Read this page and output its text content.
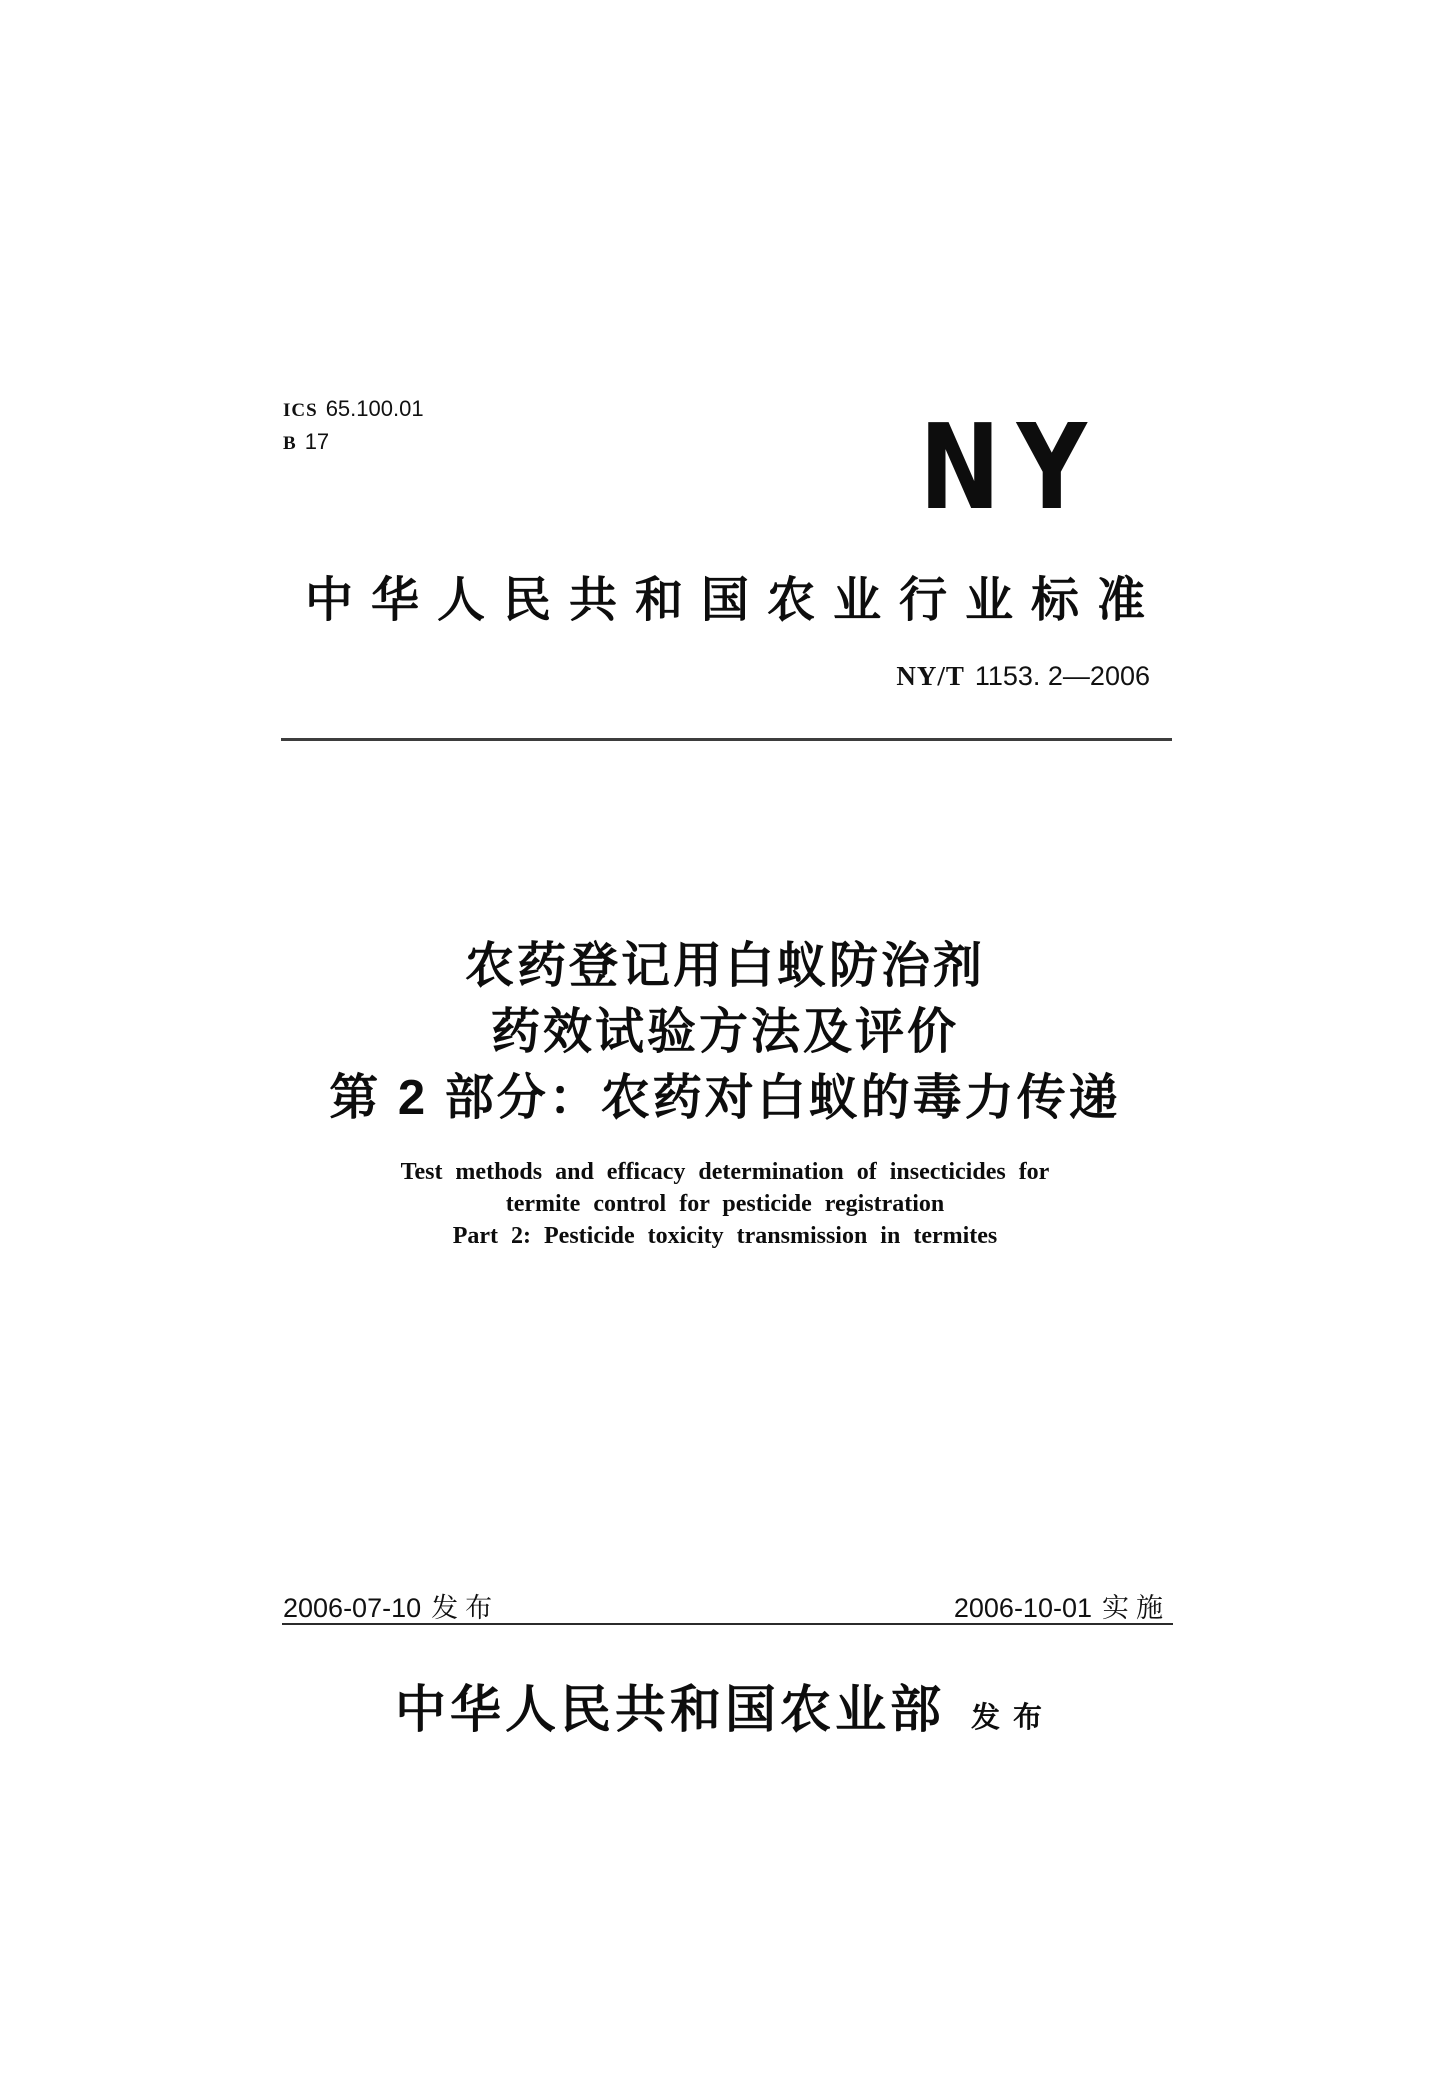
ICS 65.100.01
B 17	NY
中华人民共和国农业行业标准
NY/T 1153. 2—2006
农药登记用白蚁防治剂
药效试验方法及评价
第 2 部分：农药对白蚁的毒力传递
Test methods and efficacy determination of insecticides for
termite control for pesticide registration
Part 2: Pesticide toxicity transmission in termites
2006-07-10 发布	2006-10-01 实施
中华人民共和国农业部 发布
